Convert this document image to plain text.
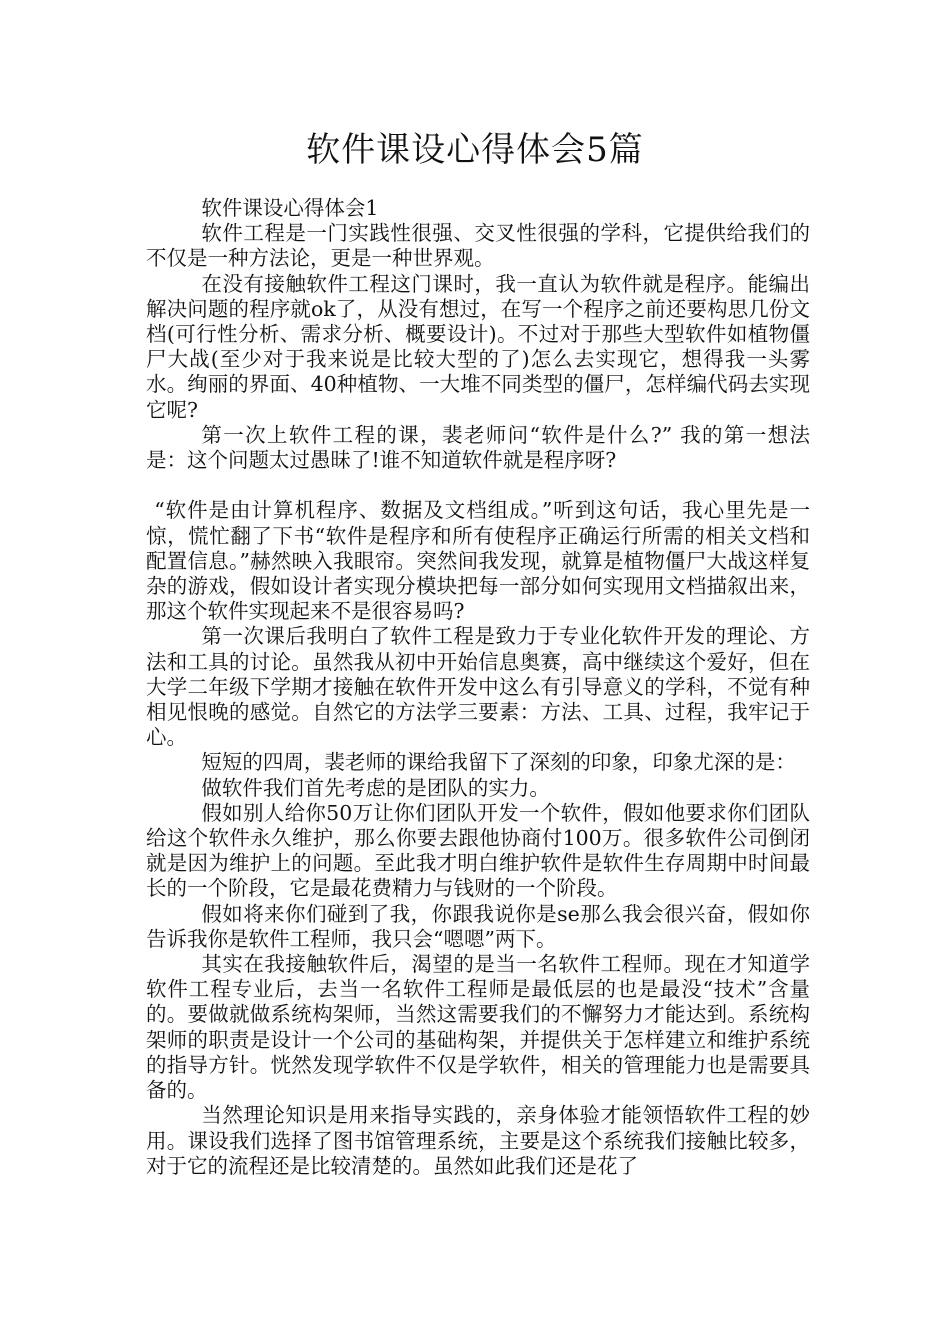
软件课设心得体会5篇

软件课设心得体会1

软件工程是一门实践性很强、交叉性很强的学科，它提供给我们的不仅是一种方法论，更是一种世界观。

在没有接触软件工程这门课时，我一直认为软件就是程序。能编出解决问题的程序就ok了，从没有想过，在写一个程序之前还要构思几份文档(可行性分析、需求分析、概要设计)。不过对于那些大型软件如植物僵尸大战(至少对于我来说是比较大型的了)怎么去实现它，想得我一头雾水。绚丽的界面、40种植物、一大堆不同类型的僵尸，怎样编代码去实现它呢?

第一次上软件工程的课，裴老师问“软件是什么?” 我的第一想法是：这个问题太过愚昧了!谁不知道软件就是程序呀?

“软件是由计算机程序、数据及文档组成。”听到这句话，我心里先是一惊，慌忙翻了下书“软件是程序和所有使程序正确运行所需的相关文档和配置信息。”赫然映入我眼帘。突然间我发现，就算是植物僵尸大战这样复杂的游戏，假如设计者实现分模块把每一部分如何实现用文档描叙出来，那这个软件实现起来不是很容易吗?

第一次课后我明白了软件工程是致力于专业化软件开发的理论、方法和工具的讨论。虽然我从初中开始信息奥赛，高中继续这个爱好，但在大学二年级下学期才接触在软件开发中这么有引导意义的学科，不觉有种相见恨晚的感觉。自然它的方法学三要素：方法、工具、过程，我牢记于心。

短短的四周，裴老师的课给我留下了深刻的印象，印象尤深的是：

做软件我们首先考虑的是团队的实力。

假如别人给你50万让你们团队开发一个软件，假如他要求你们团队给这个软件永久维护，那么你要去跟他协商付100万。很多软件公司倒闭就是因为维护上的问题。至此我才明白维护软件是软件生存周期中时间最长的一个阶段，它是最花费精力与钱财的一个阶段。

假如将来你们碰到了我，你跟我说你是se那么我会很兴奋，假如你告诉我你是软件工程师，我只会“嗯嗯”两下。

其实在我接触软件后，渴望的是当一名软件工程师。现在才知道学软件工程专业后，去当一名软件工程师是最低层的也是最没“技术”含量的。要做就做系统构架师，当然这需要我们的不懈努力才能达到。系统构架师的职责是设计一个公司的基础构架，并提供关于怎样建立和维护系统的指导方针。恍然发现学软件不仅是学软件，相关的管理能力也是需要具备的。

当然理论知识是用来指导实践的，亲身体验才能领悟软件工程的妙用。课设我们选择了图书馆管理系统，主要是这个系统我们接触比较多，对于它的流程还是比较清楚的。虽然如此我们还是花了
